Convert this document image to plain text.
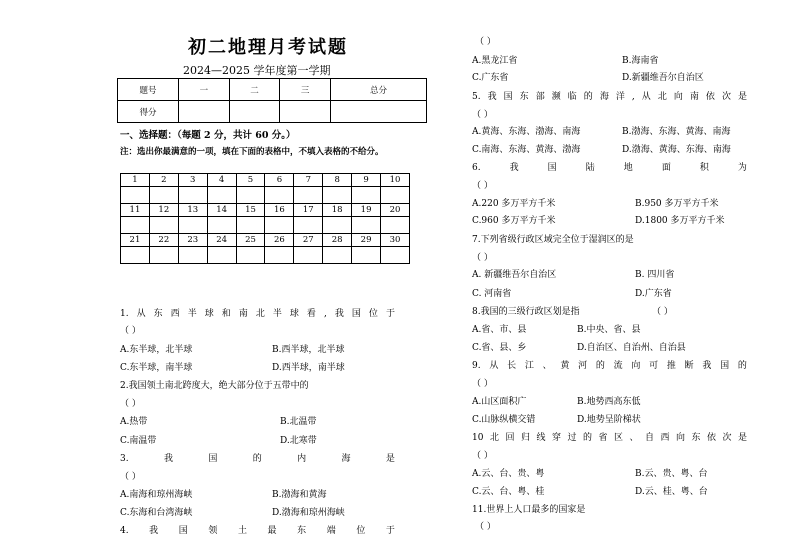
初二地理月考试题
2024—2025 学年度第一学期
题号	一	二	三	总分
得分				
一、选择题：（每题 2 分，共计 60 分。）
注：选出你最满意的一项，填在下面的表格中，不填入表格的不给分。
1	2	3	4	5	6	7	8	9	10

11	12	13	14	15	16	17	18	19	20

21	22	23	24	25	26	27	28	29	30

1. 从 东 西 半 球 和 南 北 半 球 看 , 我 国 位 于
（ ）
A.东半球，北半球	B.西半球，北半球
C.东半球，南半球	D.西半球，南半球
2.我国领土南北跨度大，绝大部分位于五带中的
（ ）
A.热带	B.北温带
C.南温带	D.北寒带
3.	我	国	的	内	海	是
（ ）
A.南海和琼州海峡	B.渤海和黄海
C.东海和台湾海峡	D.渤海和琼州海峡
4. 我 国 领 土 最 东 端 位 于
（ ）
A.黑龙江省	B.海南省
C.广东省	D.新疆维吾尔自治区
5. 我 国 东 部 濒 临 的 海 洋 , 从 北 向 南 依 次 是
（ ）
A.黄海、东海、渤海、南海	B.渤海、东海、黄海、南海
C.南海、东海、黄海、渤海	D.渤海、黄海、东海、南海
6.	我	国	陆	地	面	积	为
（ ）
A.220 多万平方千米	B.950 多万平方千米
C.960 多万平方千米	D.1800 多万平方千米
7.下列省级行政区域完全位于湿润区的是
（ ）
A. 新疆维吾尔自治区	B. 四川省
C. 河南省	D.广东省
8.我国的三级行政区划是指	（ ）
A.省、市、县	B.中央、省、县
C.省、县、乡	D.自治区、自治州、自治县
9. 从 长 江 、 黄 河 的 流 向 可 推 断 我 国 的
（ ）
A.山区面积广	B.地势西高东低
C.山脉纵横交错	D.地势呈阶梯状
10 北 回 归 线 穿 过 的 省 区 、 自 西 向 东 依 次 是
（ ）
A.云、台、贵、粤	B.云、贵、粤、台
C.云、台、粤、桂	D.云、桂、粤、台
11.世界上人口最多的国家是
（ ）
